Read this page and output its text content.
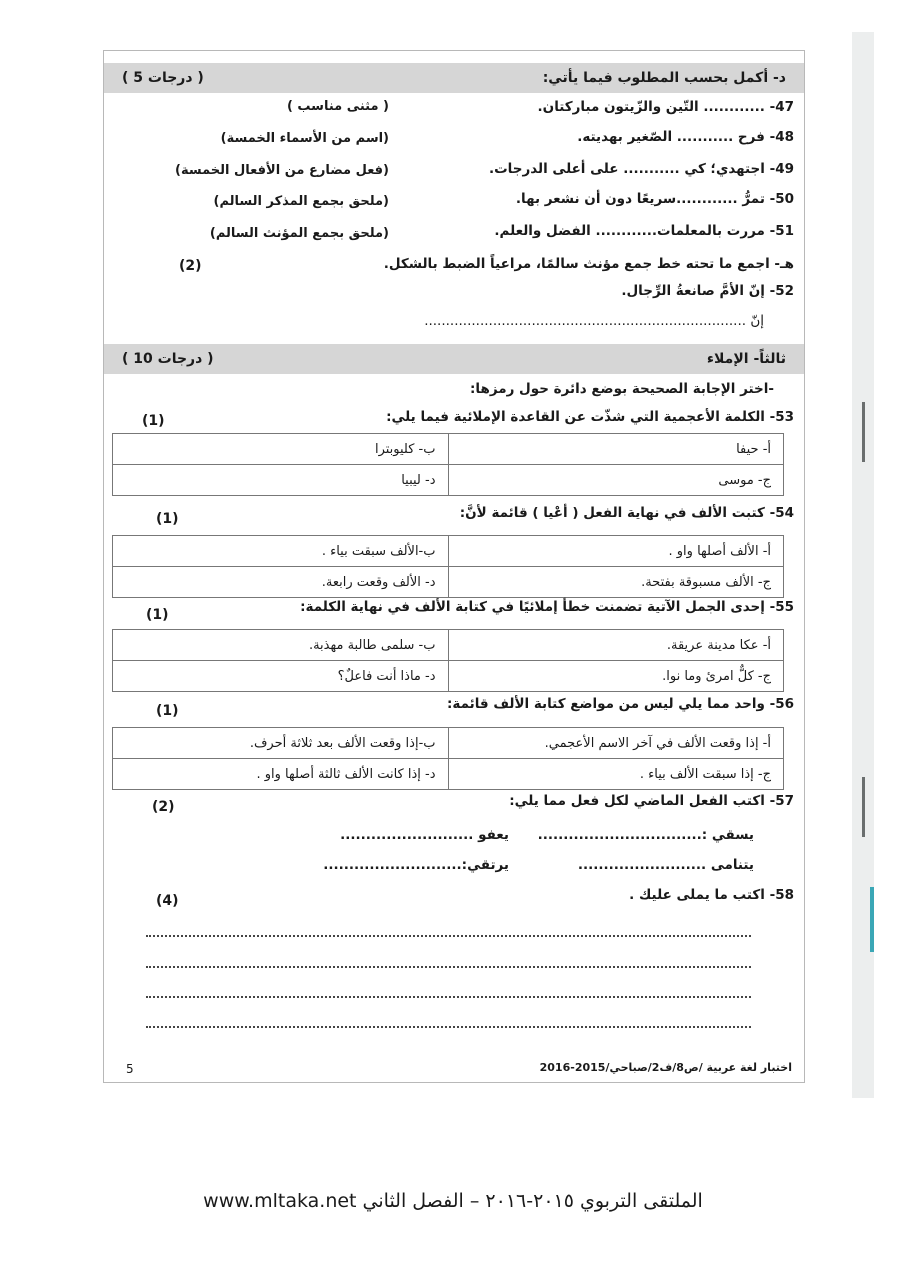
د- أكمل بحسب المطلوب فيما يأتي:
( 5 درجات )
47- ............ التّين والزّيتون مباركتان.
( مثنى مناسب )
48- فرح ........... الصّغير بهديته.
(اسم من الأسماء الخمسة)
49- اجتهدي؛ كي ........... على أعلى الدرجات.
(فعل مضارع من الأفعال الخمسة)
50- تمرُّ ............سريعًا دون أن نشعر بها.
(ملحق بجمع المذكر السالم)
51- مررت بالمعلمات............ الفضل والعلم.
(ملحق بجمع المؤنث السالم)
هـ- اجمع ما تحته خط جمع مؤنث سالمًا، مراعياً الضبط بالشكل.
(2)
52- إنّ الأمَّ صانعةُ الرِّجال.
إنّ ...........................................................................
ثالثاً- الإملاء
( 10 درجات )
-اختر الإجابة الصحيحة بوضع دائرة حول رمزها:
53- الكلمة الأعجمية التي شذّت عن القاعدة الإملائية فيما يلي:
(1)
أ- حيفا	ب- كليوبترا
ج- موسى	د- ليبيا
54- كتبت الألف في نهاية الفعل ( أعْيا ) قائمة لأنَّ:
(1)
أ- الألف أصلها واو .	ب-الألف سبقت بياء .
ج- الألف مسبوقة بفتحة.	د- الألف وقعت رابعة.
55- إحدى الجمل الآتية تضمنت خطأ إملائيًا في كتابة الألف في نهاية الكلمة:
(1)
أ- عكا مدينة عريقة.	ب- سلمى طالبة مهذبة.
ج- كلٌّ امرئ وما نوا.	د- ماذا أنت فاعلٌ؟
56- واحد مما يلي ليس من مواضع كتابة الألف قائمة:
(1)
أ- إذا وقعت الألف في آخر الاسم الأعجمي.	ب-إذا وقعت الألف بعد ثلاثة أحرف.
ج- إذا سبقت الألف بياء .	د- إذا كانت الألف ثالثة أصلها واو .
57- اكتب الفعل الماضي لكل فعل مما يلي:
(2)
يسقي :................................
يعفو ..........................
يتنامى .........................
يرتقي:...........................
58- اكتب ما يملى عليك .
(4)
5	اختبار لغة عربية /ص8/ف2/صباحي/2015-2016
الملتقى التربوي ٢٠١٥-٢٠١٦ – الفصل الثاني www.mltaka.net
